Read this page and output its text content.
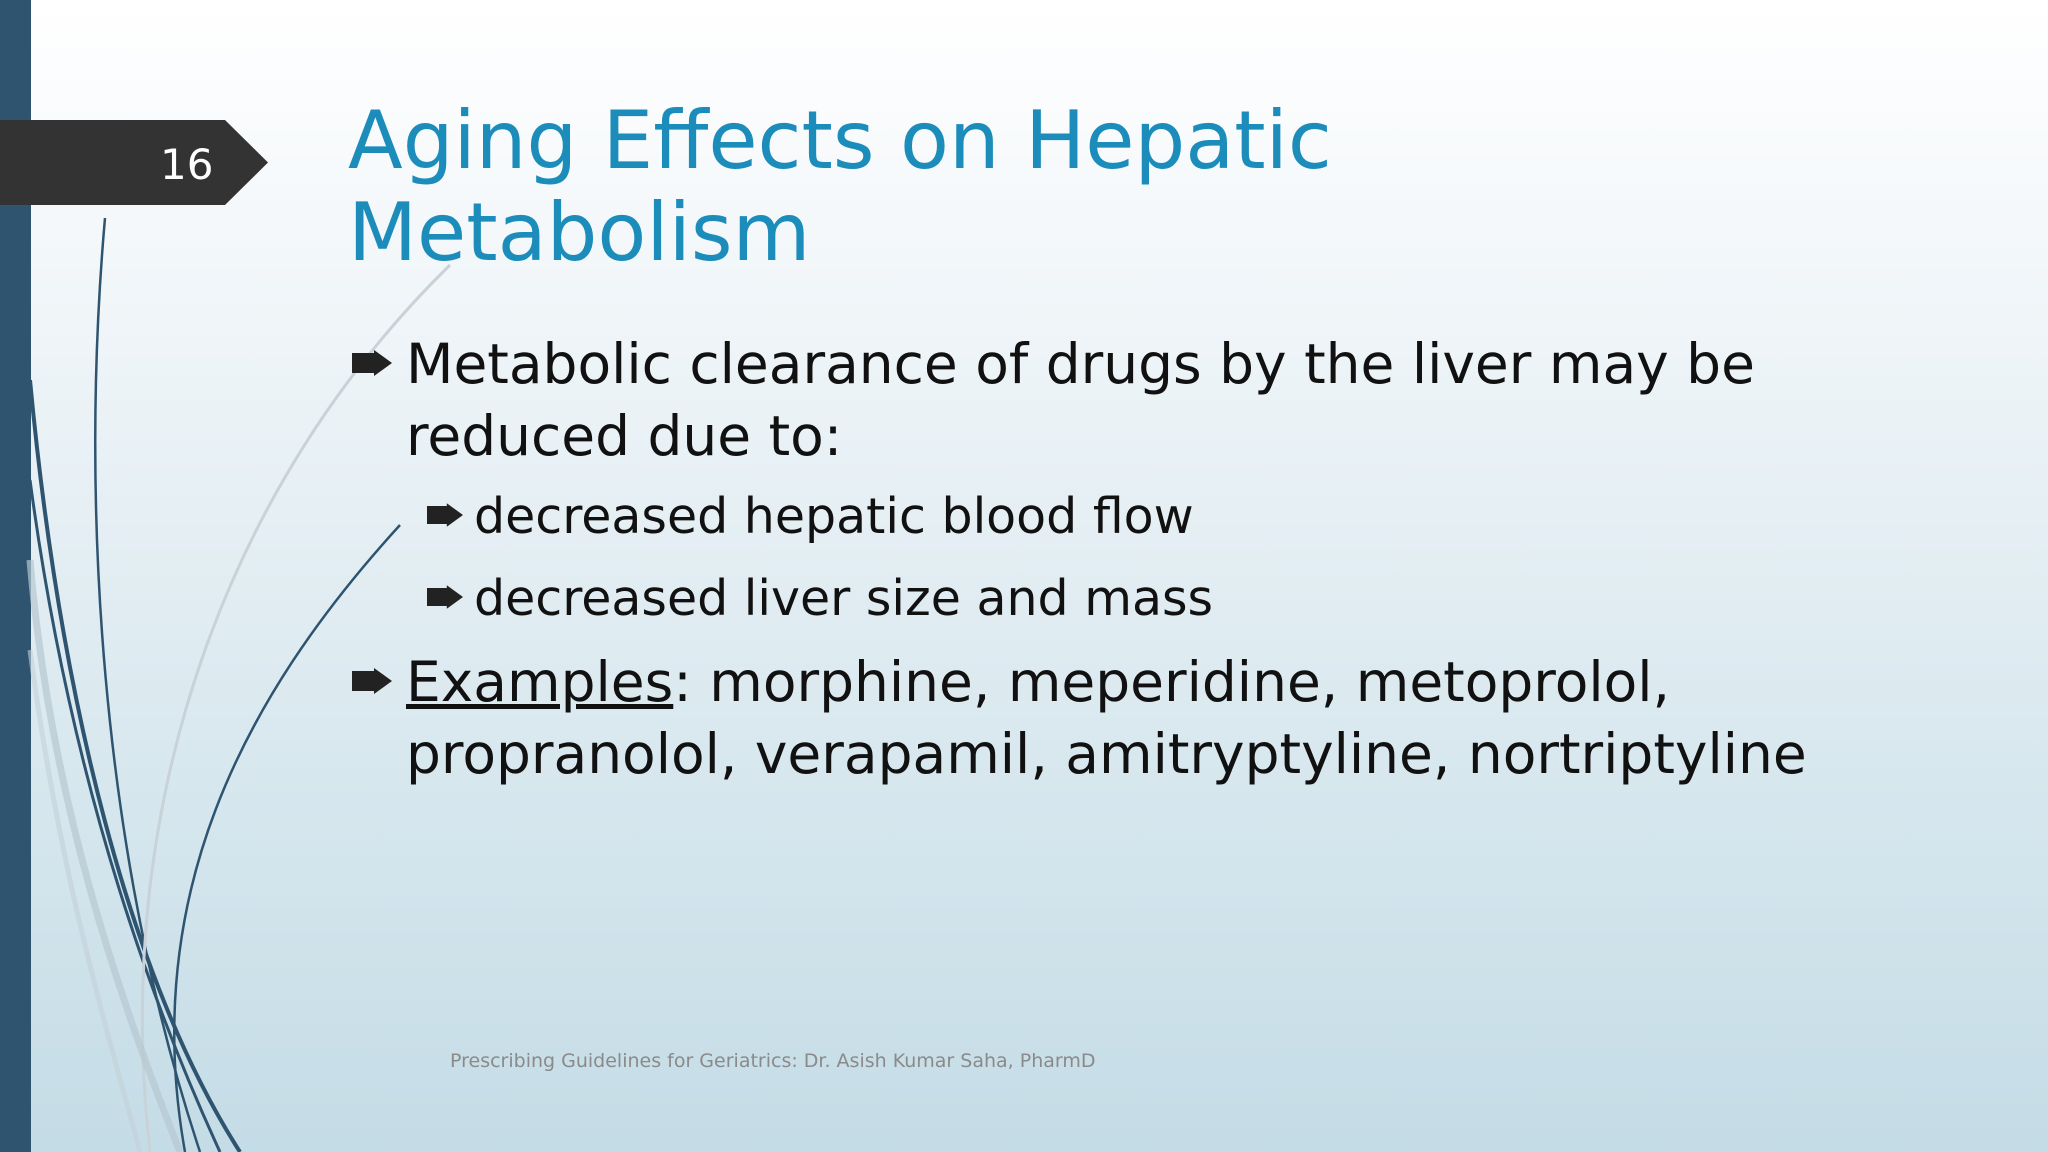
16 Aging Effects on Hepatic
Metabolism
Metabolic clearance of drugs by the liver may be reduced due to:
decreased hepatic blood flow
decreased liver size and mass
Examples: morphine, meperidine, metoprolol, propranolol, verapamil, amitryptyline, nortriptyline
Prescribing Guidelines for Geriatrics: Dr. Asish Kumar Saha, PharmD
